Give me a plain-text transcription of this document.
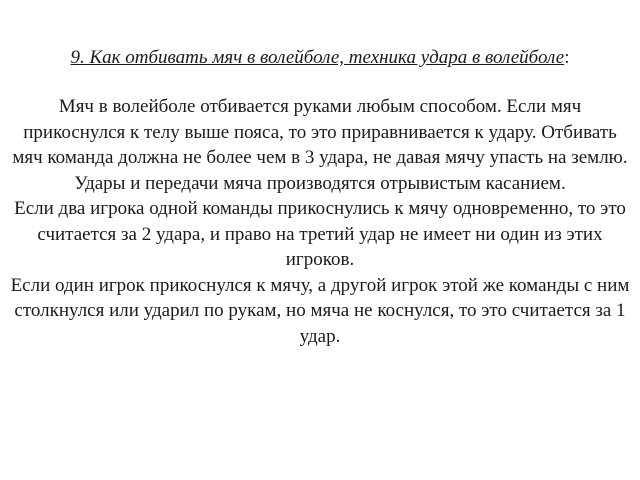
9. Как отбивать мяч в волейболе, техника удара в волейболе:

Мяч в волейболе отбивается руками любым способом. Если мяч прикоснулся к телу выше пояса, то это приравнивается к удару. Отбивать мяч команда должна не более чем в 3 удара, не давая мячу упасть на землю. Удары и передачи мяча производятся отрывистым касанием.

Если два игрока одной команды прикоснулись к мячу одновременно, то это считается за 2 удара, и право на третий удар не имеет ни один из этих игроков.

Если один игрок прикоснулся к мячу, а другой игрок этой же команды с ним столкнулся или ударил по рукам, но мяча не коснулся, то это считается за 1 удар.
